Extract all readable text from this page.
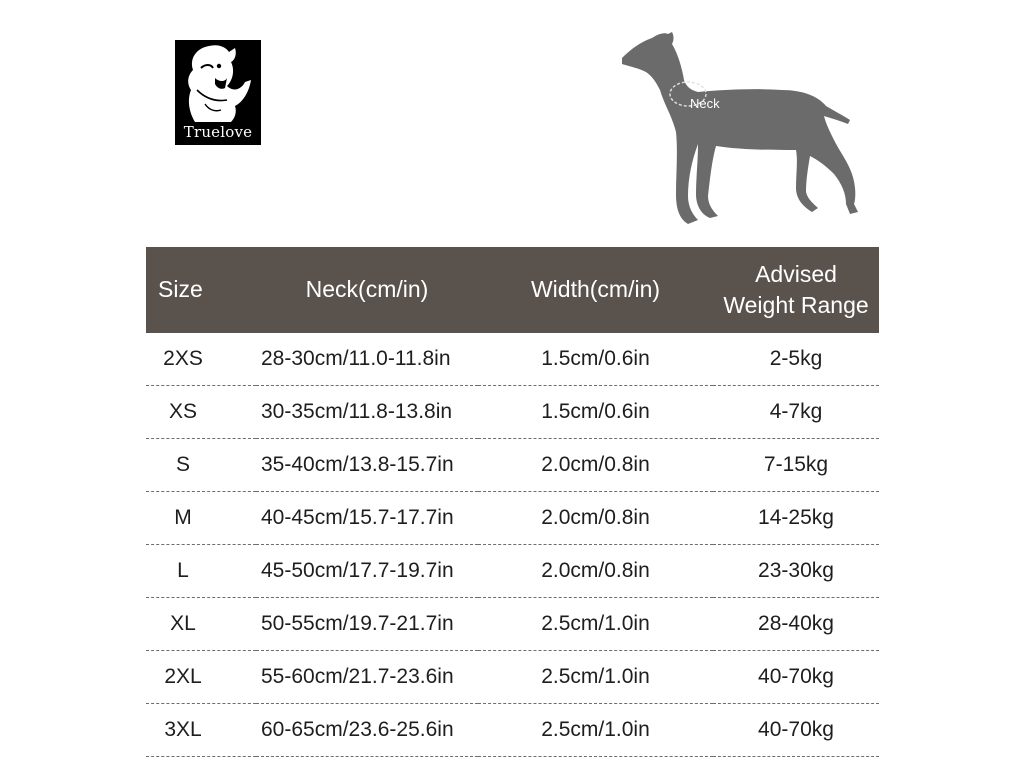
Truelove
Neck
Size	Neck(cm/in)	Width(cm/in)	Advised
Weight Range
2XS	28-30cm/11.0-11.8in	1.5cm/0.6in	2-5kg
XS	30-35cm/11.8-13.8in	1.5cm/0.6in	4-7kg
S	35-40cm/13.8-15.7in	2.0cm/0.8in	7-15kg
M	40-45cm/15.7-17.7in	2.0cm/0.8in	14-25kg
L	45-50cm/17.7-19.7in	2.0cm/0.8in	23-30kg
XL	50-55cm/19.7-21.7in	2.5cm/1.0in	28-40kg
2XL	55-60cm/21.7-23.6in	2.5cm/1.0in	40-70kg
3XL	60-65cm/23.6-25.6in	2.5cm/1.0in	40-70kg
